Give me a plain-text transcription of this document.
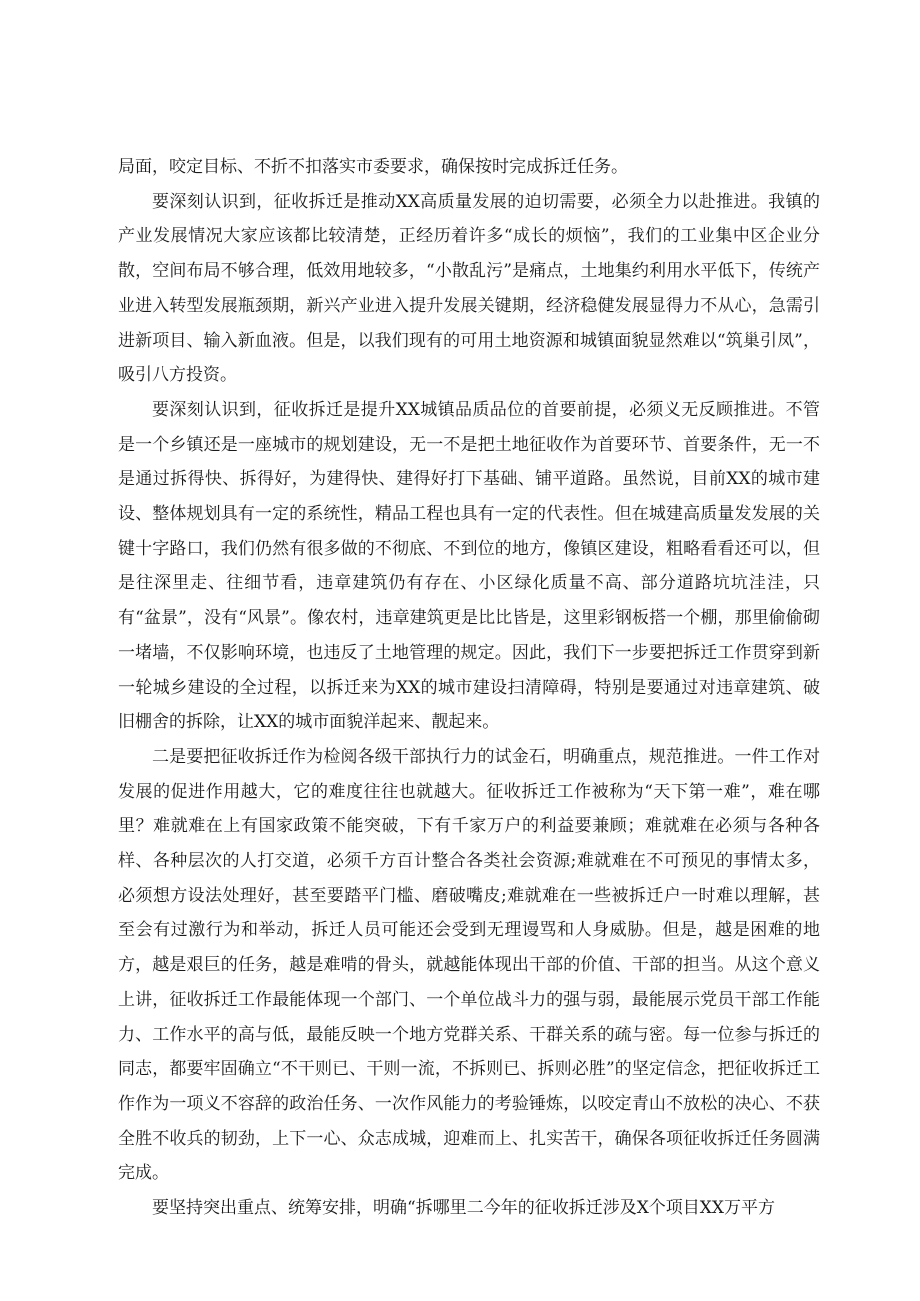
局面，咬定目标、不折不扣落实市委要求，确保按时完成拆迁任务。

要深刻认识到，征收拆迁是推动XX高质量发展的迫切需要，必须全力以赴推进。我镇的产业发展情况大家应该都比较清楚，正经历着许多“成长的烦恼”，我们的工业集中区企业分散，空间布局不够合理，低效用地较多，“小散乱污”是痛点，土地集约利用水平低下，传统产业进入转型发展瓶颈期，新兴产业进入提升发展关键期，经济稳健发展显得力不从心，急需引进新项目、输入新血液。但是，以我们现有的可用土地资源和城镇面貌显然难以“筑巢引凤”，吸引八方投资。

要深刻认识到，征收拆迁是提升XX城镇品质品位的首要前提，必须义无反顾推进。不管是一个乡镇还是一座城市的规划建设，无一不是把土地征收作为首要环节、首要条件，无一不是通过拆得快、拆得好，为建得快、建得好打下基础、铺平道路。虽然说，目前XX的城市建设、整体规划具有一定的系统性，精品工程也具有一定的代表性。但在城建高质量发发展的关键十字路口，我们仍然有很多做的不彻底、不到位的地方，像镇区建设，粗略看看还可以，但是往深里走、往细节看，违章建筑仍有存在、小区绿化质量不高、部分道路坑坑洼洼，只有“盆景”，没有“风景”。像农村，违章建筑更是比比皆是，这里彩钢板搭一个棚，那里偷偷砌一堵墙，不仅影响环境，也违反了土地管理的规定。因此，我们下一步要把拆迁工作贯穿到新一轮城乡建设的全过程，以拆迁来为XX的城市建设扫清障碍，特别是要通过对违章建筑、破旧棚舍的拆除，让XX的城市面貌洋起来、靓起来。

二是要把征收拆迁作为检阅各级干部执行力的试金石，明确重点，规范推进。一件工作对发展的促进作用越大，它的难度往往也就越大。征收拆迁工作被称为“天下第一难”，难在哪里？难就难在上有国家政策不能突破，下有千家万户的利益要兼顾；难就难在必须与各种各样、各种层次的人打交道，必须千方百计整合各类社会资源;难就难在不可预见的事情太多，必须想方设法处理好，甚至要踏平门槛、磨破嘴皮;难就难在一些被拆迁户一时难以理解，甚至会有过激行为和举动，拆迁人员可能还会受到无理谩骂和人身威胁。但是，越是困难的地方，越是艰巨的任务，越是难啃的骨头，就越能体现出干部的价值、干部的担当。从这个意义上讲，征收拆迁工作最能体现一个部门、一个单位战斗力的强与弱，最能展示党员干部工作能力、工作水平的高与低，最能反映一个地方党群关系、干群关系的疏与密。每一位参与拆迁的同志，都要牢固确立“不干则已、干则一流，不拆则已、拆则必胜”的坚定信念，把征收拆迁工作作为一项义不容辞的政治任务、一次作风能力的考验锤炼，以咬定青山不放松的决心、不获全胜不收兵的韧劲，上下一心、众志成城，迎难而上、扎实苦干，确保各项征收拆迁任务圆满完成。

要坚持突出重点、统筹安排，明确“拆哪里二今年的征收拆迁涉及X个项目XX万平方
